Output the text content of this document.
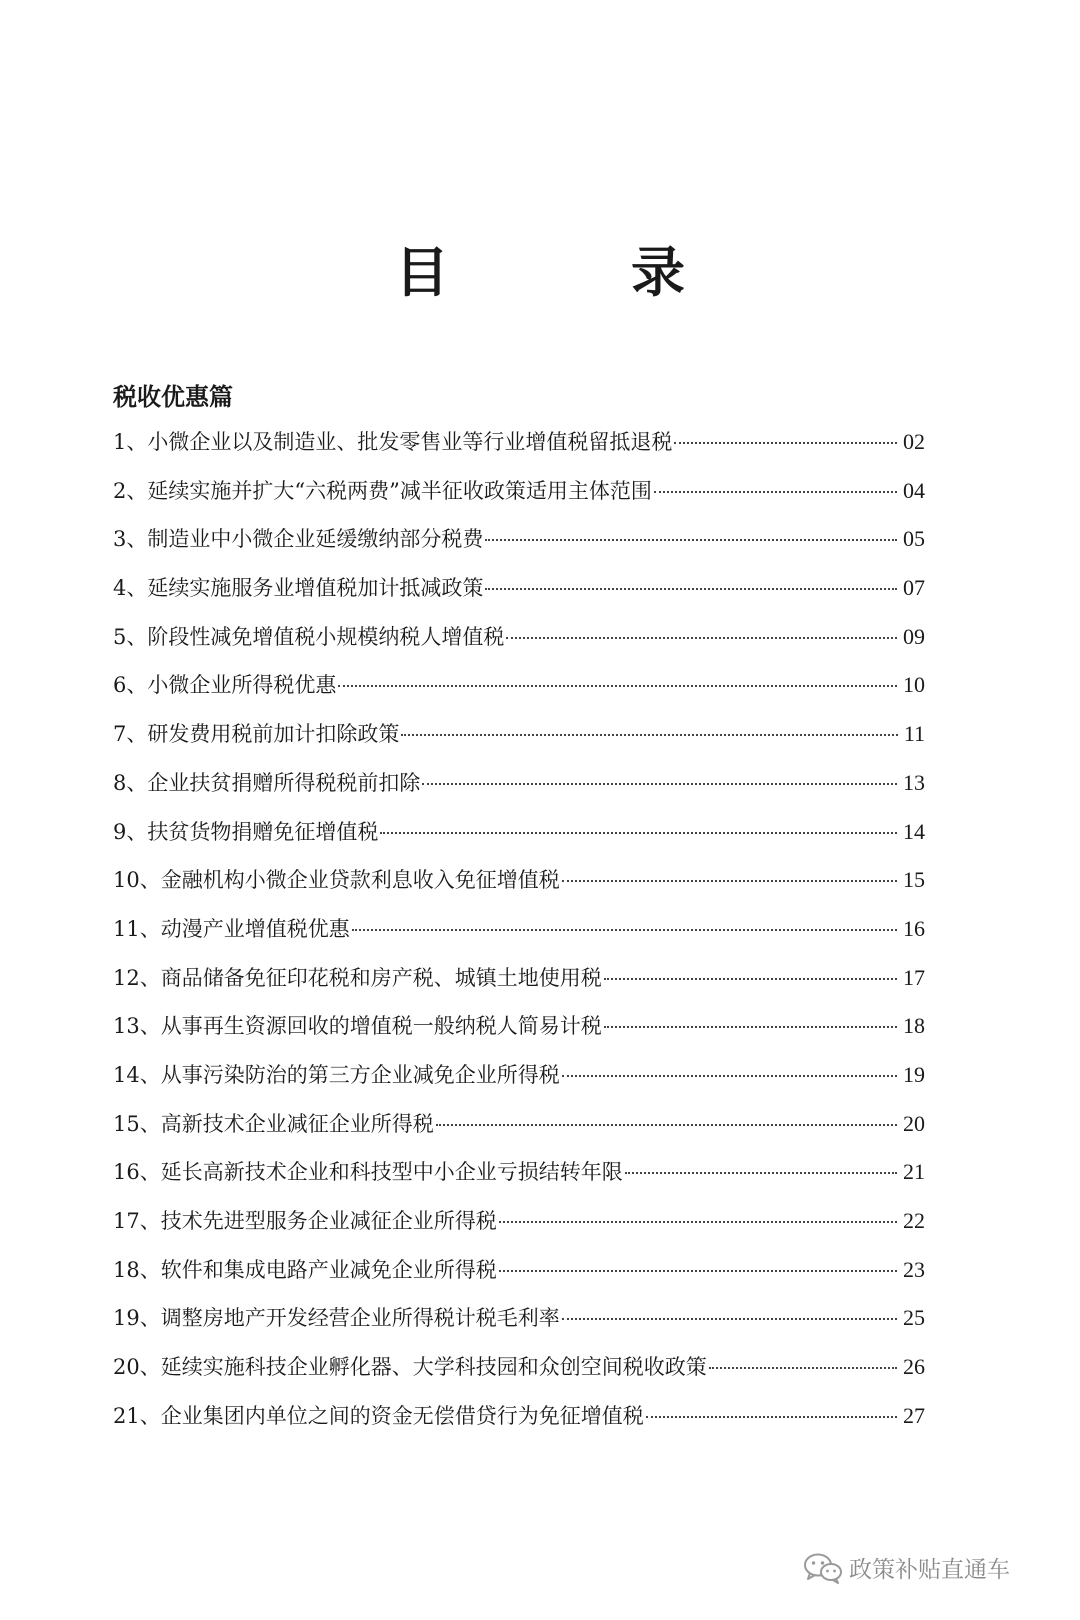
目　录
税收优惠篇
1、 小微企业以及制造业、批发零售业等行业增值税留抵退税	02
2、 延续实施并扩大“六税两费”减半征收政策适用主体范围	04
3、 制造业中小微企业延缓缴纳部分税费	05
4、 延续实施服务业增值税加计抵减政策	07
5、 阶段性减免增值税小规模纳税人增值税	09
6、 小微企业所得税优惠	10
7、 研发费用税前加计扣除政策	11
8、 企业扶贫捐赠所得税税前扣除	13
9、 扶贫货物捐赠免征增值税	14
10、 金融机构小微企业贷款利息收入免征增值税	15
11、 动漫产业增值税优惠	16
12、 商品储备免征印花税和房产税、城镇土地使用税	17
13、 从事再生资源回收的增值税一般纳税人简易计税	18
14、 从事污染防治的第三方企业减免企业所得税	19
15、 高新技术企业减征企业所得税	20
16、 延长高新技术企业和科技型中小企业亏损结转年限	21
17、 技术先进型服务企业减征企业所得税	22
18、 软件和集成电路产业减免企业所得税	23
19、 调整房地产开发经营企业所得税计税毛利率	25
20、 延续实施科技企业孵化器、大学科技园和众创空间税收政策	26
21、 企业集团内单位之间的资金无偿借贷行为免征增值税	27
政策补贴直通车
